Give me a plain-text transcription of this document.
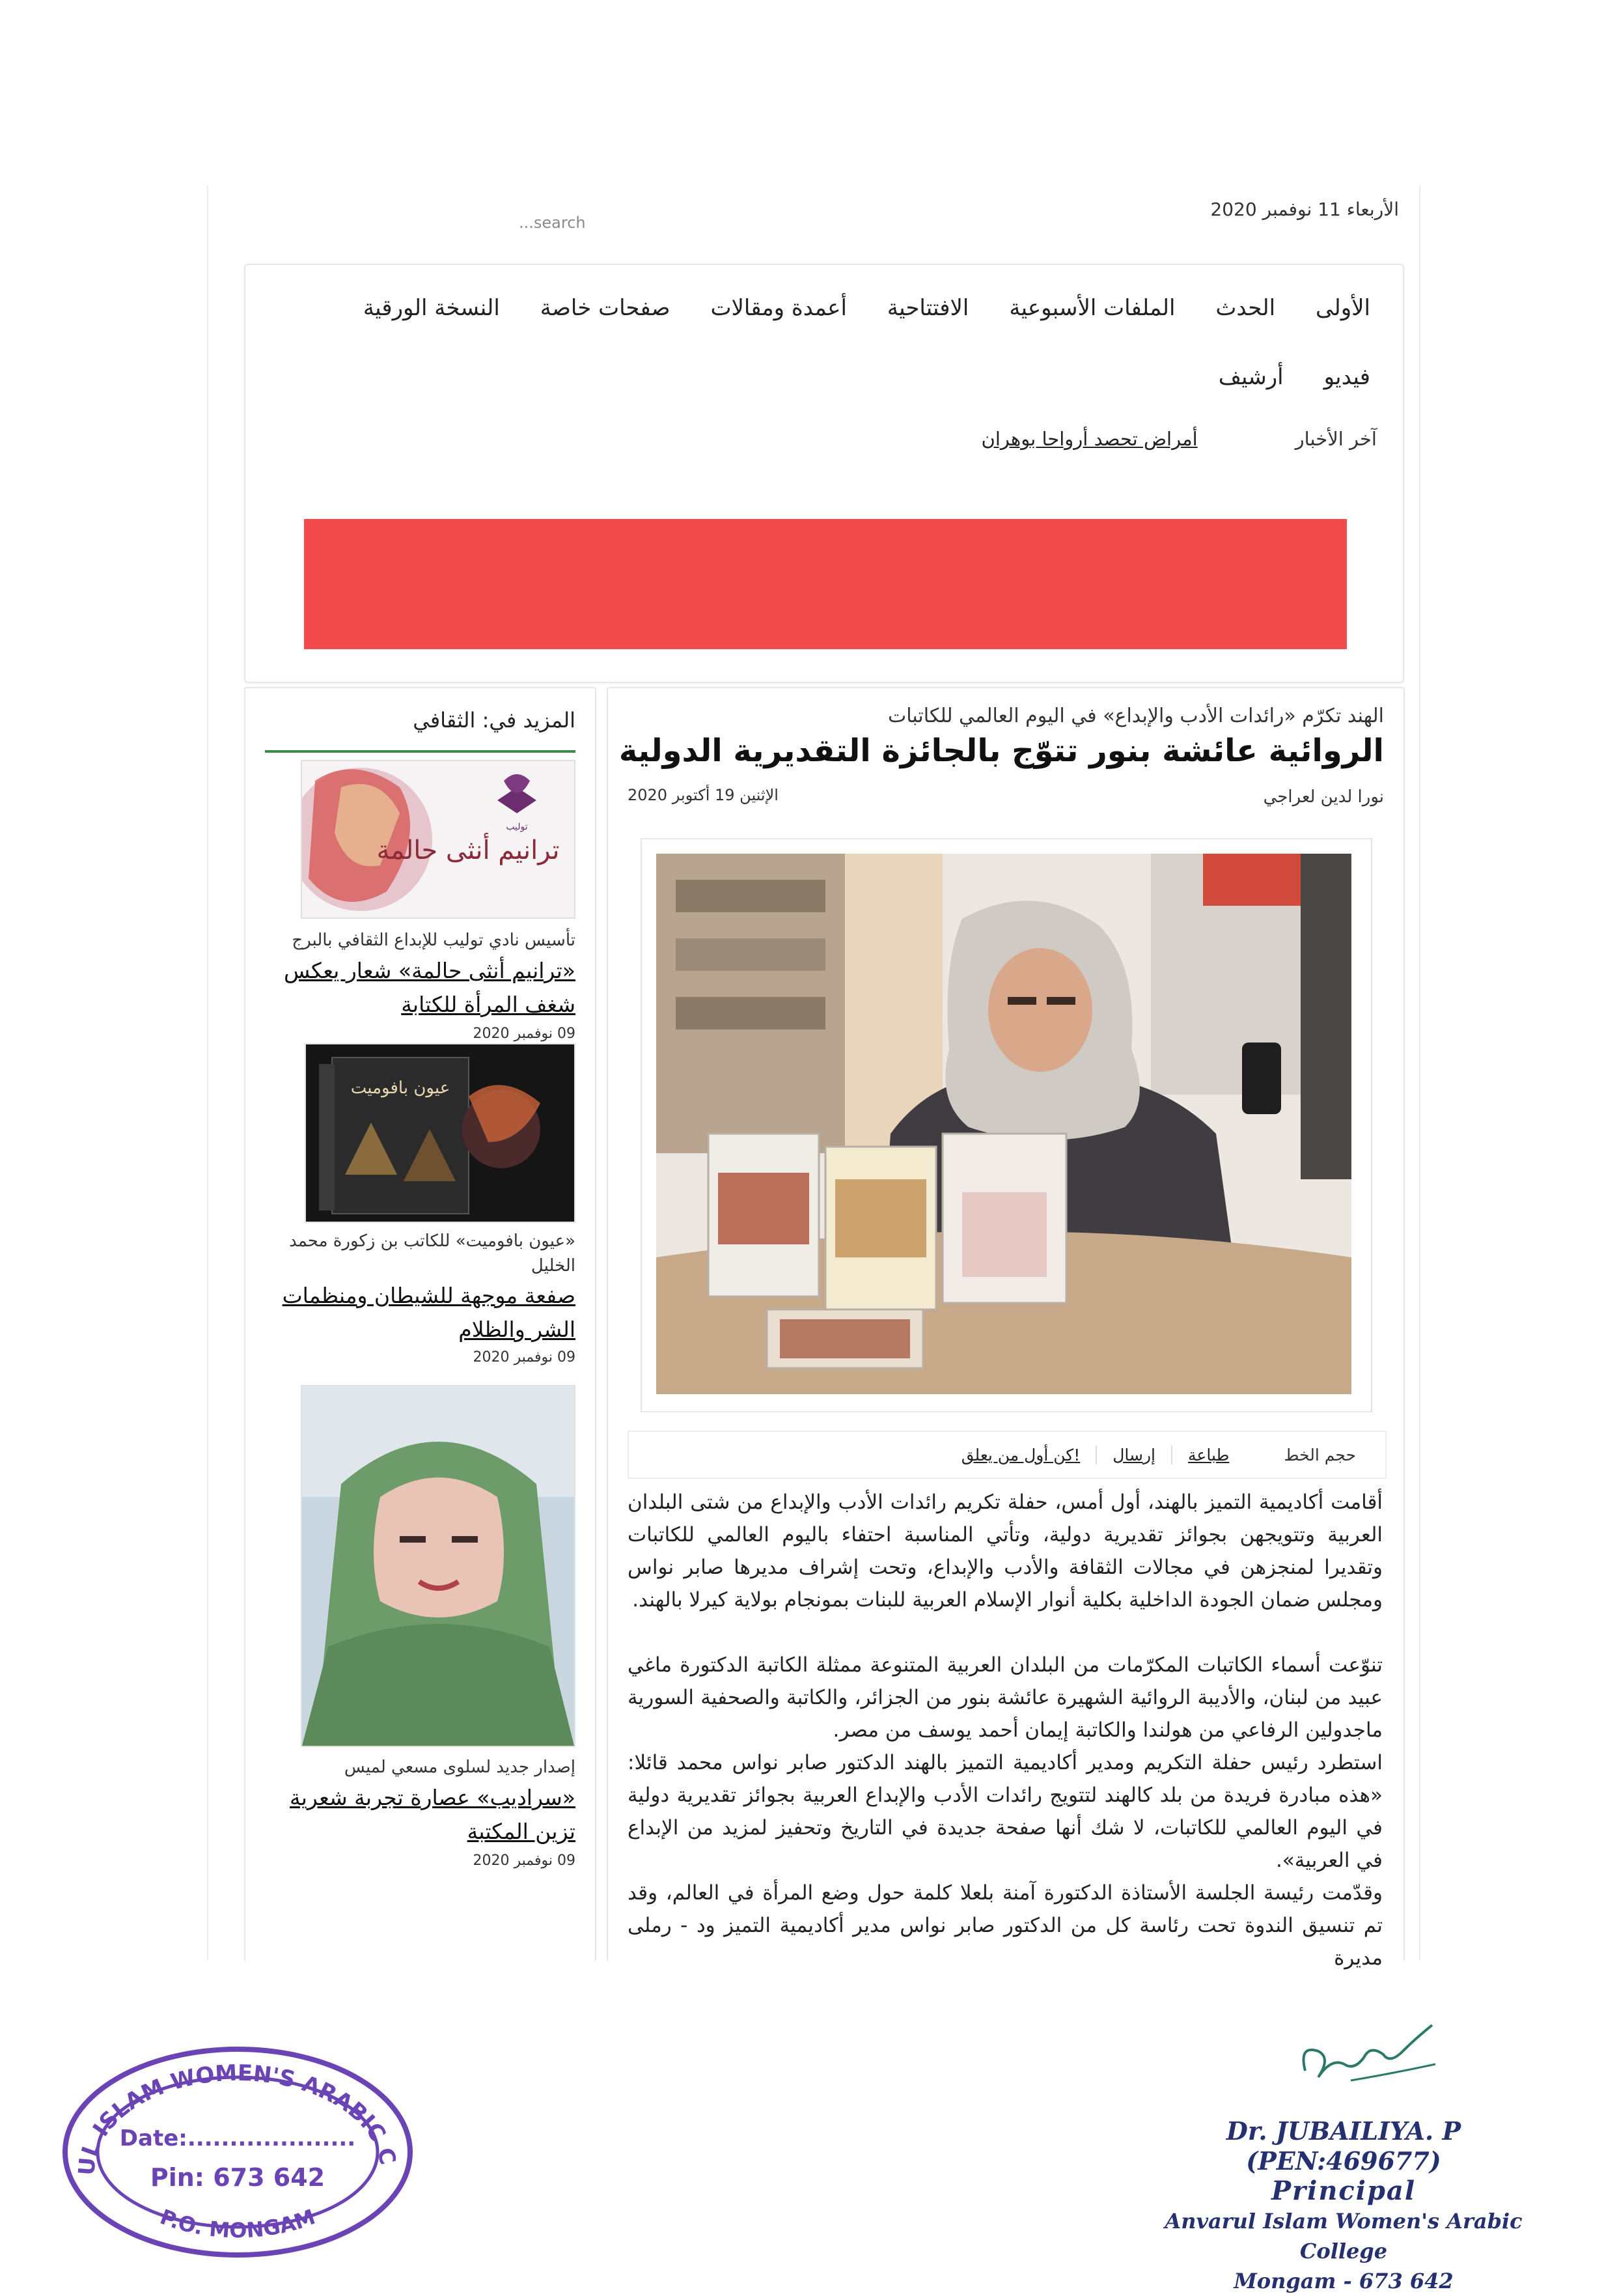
الأربعاء 11 نوفمبر 2020
...search
الأولى
الحدث
الملفات الأسبوعية
الافتتاحية
أعمدة ومقالات
صفحات خاصة
النسخة الورقية
فيديو
أرشيف
آخر الأخبار
أمراض تحصد أرواحا بوهران
الهند تكرّم «رائدات الأدب والإبداع» في اليوم العالمي للكاتبات
الروائية عائشة بنور تتوّج بالجائزة التقديرية الدولية
الإثنين 19 أكتوبر 2020	نورا لدين لعراجي
حجم الخط
طباعة
إرسال
كن أول من يعلق!

أقامت أكاديمية التميز بالهند، أول أمس، حفلة تكريم رائدات الأدب والإبداع من شتى البلدان العربية وتتويجهن بجوائز تقديرية دولية، وتأتي المناسبة احتفاء باليوم العالمي للكاتبات وتقديرا لمنجزهن في مجالات الثقافة والأدب والإبداع، وتحت إشراف مديرها صابر نواس ومجلس ضمان الجودة الداخلية بكلية أنوار الإسلام العربية للبنات بمونجام بولاية كيرلا بالهند.

تنوّعت أسماء الكاتبات المكرّمات من البلدان العربية المتنوعة ممثلة الكاتبة الدكتورة ماغي عبيد من لبنان، والأديبة الروائية الشهيرة عائشة بنور من الجزائر، والكاتبة والصحفية السورية ماجدولين الرفاعي من هولندا والكاتبة إيمان أحمد يوسف من مصر.

استطرد رئيس حفلة التكريم ومدير أكاديمية التميز بالهند الدكتور صابر نواس محمد قائلا: «هذه مبادرة فريدة من بلد كالهند لتتويج رائدات الأدب والإبداع العربية بجوائز تقديرية دولية في اليوم العالمي للكاتبات، لا شك أنها صفحة جديدة في التاريخ وتحفيز لمزيد من الإبداع في العربية».

وقدّمت رئيسة الجلسة الأستاذة الدكتورة آمنة بلعلا كلمة حول وضع المرأة في العالم، وقد تم تنسيق الندوة تحت رئاسة كل من الدكتور صابر نواس مدير أكاديمية التميز ود - رملى مديرة

المزيد في: الثقافي
ترانيم أنثى حالمة
توليب
تأسيس نادي توليب للإبداع الثقافي بالبرج
«ترانيم أنثى حالمة» شعار يعكس شغف المرأة للكتابة
09 نوفمبر 2020
عيون بافوميت
«عيون بافوميت» للكاتب بن زكورة محمد الخليل
صفعة موجهة للشيطان ومنظمات الشر والظلام
09 نوفمبر 2020
إصدار جديد لسلوى مسعي لميس
«سراديب» عصارة تجربة شعرية تزين المكتبة
09 نوفمبر 2020
UL ISLAM WOMEN'S ARABIC C
P.O. MONGAM
Date:....................
Pin: 673 642
Dr. JUBAILIYA. P (PEN:469677)
Principal
Anvarul Islam Women's Arabic College
Mongam - 673 642
